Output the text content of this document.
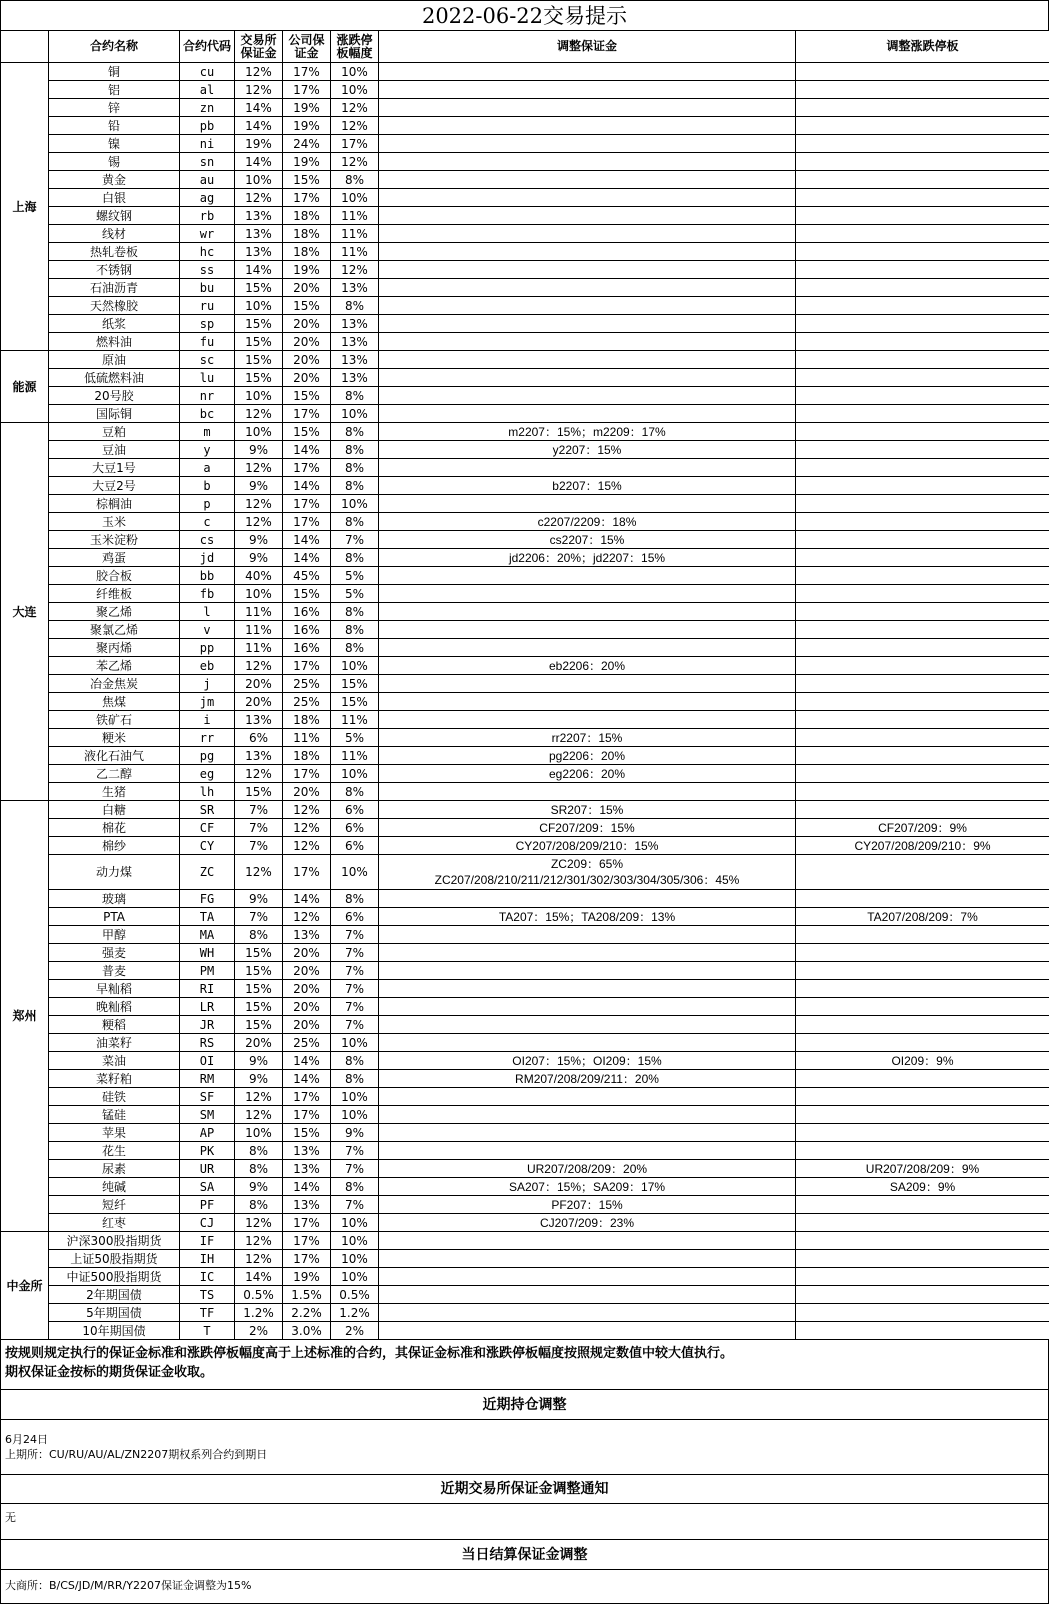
2022-06-22交易提示
	合约名称	合约代码	交易所保证金	公司保证金	涨跌停板幅度	调整保证金	调整涨跌停板
上海	铜	cu	12%	17%	10%		
	铝	al	12%	17%	10%		
	锌	zn	14%	19%	12%		
	铅	pb	14%	19%	12%		
	镍	ni	19%	24%	17%		
	锡	sn	14%	19%	12%		
	黄金	au	10%	15%	8%		
	白银	ag	12%	17%	10%		
	螺纹钢	rb	13%	18%	11%		
	线材	wr	13%	18%	11%		
	热轧卷板	hc	13%	18%	11%		
	不锈钢	ss	14%	19%	12%		
	石油沥青	bu	15%	20%	13%		
	天然橡胶	ru	10%	15%	8%		
	纸浆	sp	15%	20%	13%		
	燃料油	fu	15%	20%	13%		
能源	原油	sc	15%	20%	13%		
	低硫燃料油	lu	15%	20%	13%		
	20号胶	nr	10%	15%	8%		
	国际铜	bc	12%	17%	10%		
大连	豆粕	m	10%	15%	8%	m2207：15%；m2209：17%	
	豆油	y	9%	14%	8%	y2207：15%	
	大豆1号	a	12%	17%	8%		
	大豆2号	b	9%	14%	8%	b2207：15%	
	棕榈油	p	12%	17%	10%		
	玉米	c	12%	17%	8%	c2207/2209：18%	
	玉米淀粉	cs	9%	14%	7%	cs2207：15%	
	鸡蛋	jd	9%	14%	8%	jd2206：20%；jd2207：15%	
	胶合板	bb	40%	45%	5%		
	纤维板	fb	10%	15%	5%		
	聚乙烯	l	11%	16%	8%		
	聚氯乙烯	v	11%	16%	8%		
	聚丙烯	pp	11%	16%	8%		
	苯乙烯	eb	12%	17%	10%	eb2206：20%	
	冶金焦炭	j	20%	25%	15%		
	焦煤	jm	20%	25%	15%		
	铁矿石	i	13%	18%	11%		
	粳米	rr	6%	11%	5%	rr2207：15%	
	液化石油气	pg	13%	18%	11%	pg2206：20%	
	乙二醇	eg	12%	17%	10%	eg2206：20%	
	生猪	lh	15%	20%	8%		
郑州	白糖	SR	7%	12%	6%	SR207：15%	
	棉花	CF	7%	12%	6%	CF207/209：15%	CF207/209：9%
	棉纱	CY	7%	12%	6%	CY207/208/209/210：15%	CY207/208/209/210：9%
	动力煤	ZC	12%	17%	10%	ZC209：65%
ZC207/208/210/211/212/301/302/303/304/305/306：45%	

	玻璃	FG	9%	14%	8%		
	PTA	TA	7%	12%	6%	TA207：15%；TA208/209：13%	TA207/208/209：7%
	甲醇	MA	8%	13%	7%		
	强麦	WH	15%	20%	7%		
	普麦	PM	15%	20%	7%		
	早籼稻	RI	15%	20%	7%		
	晚籼稻	LR	15%	20%	7%		
	粳稻	JR	15%	20%	7%		
	油菜籽	RS	20%	25%	10%		
	菜油	OI	9%	14%	8%	OI207：15%；OI209：15%	OI209：9%
	菜籽粕	RM	9%	14%	8%	RM207/208/209/211：20%	
	硅铁	SF	12%	17%	10%		
	锰硅	SM	12%	17%	10%		
	苹果	AP	10%	15%	9%		
	花生	PK	8%	13%	7%		
	尿素	UR	8%	13%	7%	UR207/208/209：20%	UR207/208/209：9%
	纯碱	SA	9%	14%	8%	SA207：15%；SA209：17%	SA209：9%
	短纤	PF	8%	13%	7%	PF207：15%	
	红枣	CJ	12%	17%	10%	CJ207/209：23%	
中金所	沪深300股指期货	IF	12%	17%	10%		
	上证50股指期货	IH	12%	17%	10%		
	中证500股指期货	IC	14%	19%	10%		
	2年期国债	TS	0.5%	1.5%	0.5%		
	5年期国债	TF	1.2%	2.2%	1.2%		
	10年期国债	T	2%	3.0%	2%		
按规则规定执行的保证金标准和涨跌停板幅度高于上述标准的合约，其保证金标准和涨跌停板幅度按照规定数值中较大值执行。
期权保证金按标的期货保证金收取。
近期持仓调整
6月24日
上期所：CU/RU/AU/AL/ZN2207期权系列合约到期日
近期交易所保证金调整通知
无
当日结算保证金调整
大商所：B/CS/JD/M/RR/Y2207保证金调整为15%
